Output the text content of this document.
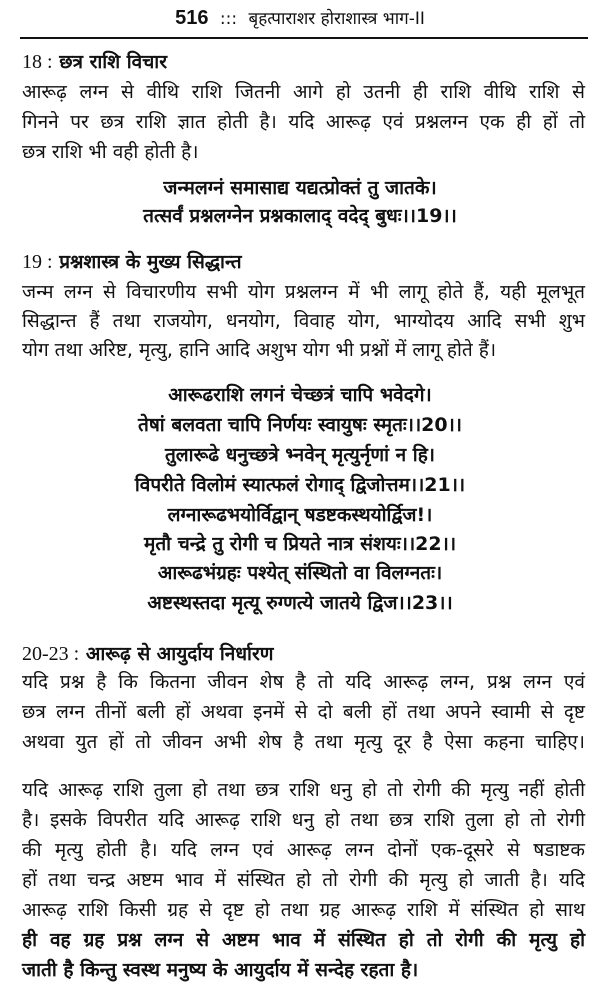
516 ::: बृहत्पाराशर होराशास्त्र भाग-II
18 : छत्र राशि विचार
आरूढ़ लग्न से वीथि राशि जितनी आगे हो उतनी ही राशि वीथि राशि से
गिनने पर छत्र राशि ज्ञात होती है। यदि आरूढ़ एवं प्रश्नलग्न एक ही हों तो
छत्र राशि भी वही होती है।
जन्मलग्नं समासाद्य यद्यत्प्रोक्तं तु जातके।
तत्सर्वं प्रश्नलग्नेन प्रश्नकालाद् वदेद् बुधः।।19।।
19 : प्रश्नशास्त्र के मुख्य सिद्धान्त
जन्म लग्न से विचारणीय सभी योग प्रश्नलग्न में भी लागू होते हैं, यही मूलभूत
सिद्धान्त हैं तथा राजयोग, धनयोग, विवाह योग, भाग्योदय आदि सभी शुभ
योग तथा अरिष्ट, मृत्यु, हानि आदि अशुभ योग भी प्रश्नों में लागू होते हैं।
आरूढराशि लगनं चेच्छत्रं चापि भवेदगे।
तेषां बलवता चापि निर्णयः स्वायुषः स्मृतः।।20।।
तुलारूढे धनुच्छत्रे भ्नवेन् मृत्युर्नृणां न हि।
विपरीते विलोमं स्यात्फलं रोगाद् द्विजोत्तम।।21।।
लग्नारूढभयोर्विद्वान् षडष्टकस्थयोर्द्विज!।
मृतौ चन्द्रे तु रोगी च प्रियते नात्र संशयः।।22।।
आरूढभंग्रहः पश्येत् संस्थितो वा विलग्नतः।
अष्टस्थस्तदा मृत्यू रुग्णत्ये जातये द्विज।।23।।
20-23 : आरूढ़ से आयुर्दाय निर्धारण
यदि प्रश्न है कि कितना जीवन शेष है तो यदि आरूढ़ लग्न, प्रश्न लग्न एवं
छत्र लग्न तीनों बली हों अथवा इनमें से दो बली हों तथा अपने स्वामी से दृष्ट
अथवा युत हों तो जीवन अभी शेष है तथा मृत्यु दूर है ऐसा कहना चाहिए।
यदि आरूढ़ राशि तुला हो तथा छत्र राशि धनु हो तो रोगी की मृत्यु नहीं होती
है। इसके विपरीत यदि आरूढ़ राशि धनु हो तथा छत्र राशि तुला हो तो रोगी
की मृत्यु होती है। यदि लग्न एवं आरूढ़ लग्न दोनों एक-दूसरे से षडाष्टक
हों तथा चन्द्र अष्टम भाव में संस्थित हो तो रोगी की मृत्यु हो जाती है। यदि
आरूढ़ राशि किसी ग्रह से दृष्ट हो तथा ग्रह आरूढ़ राशि में संस्थित हो साथ
ही वह ग्रह प्रश्न लग्न से अष्टम भाव में संस्थित हो तो रोगी की मृत्यु हो
जाती है किन्तु स्वस्थ मनुष्य के आयुर्दाय में सन्देह रहता है।
